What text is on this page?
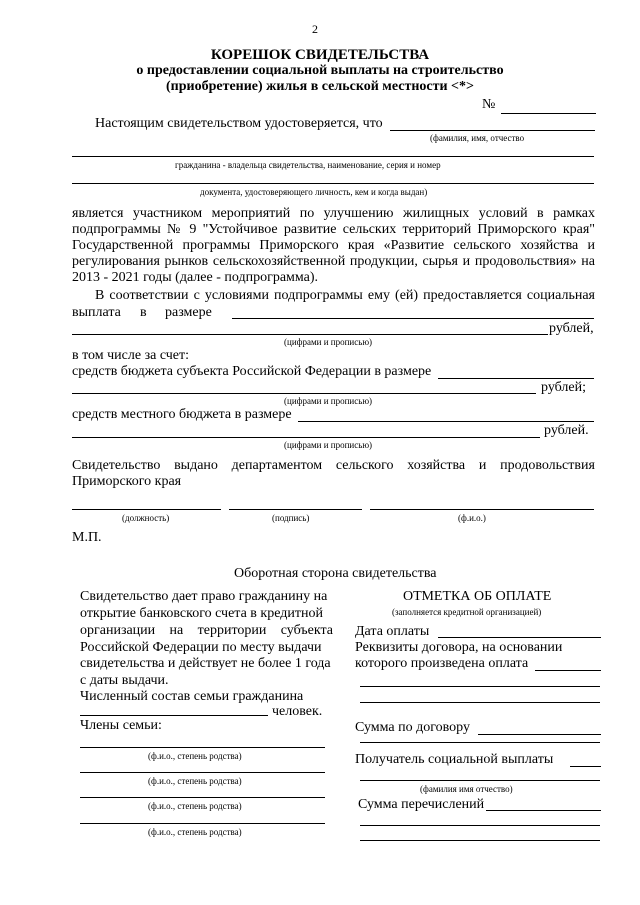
2
КОРЕШОК СВИДЕТЕЛЬСТВА
о предоставлении социальной выплаты на строительство
(приобретение) жилья в сельской местности <*>
№
Настоящим свидетельством удостоверяется, что
(фамилия, имя, отчество
гражданина - владельца свидетельства, наименование, серия и номер
документа, удостоверяющего личность, кем и когда выдан)
является участником мероприятий по улучшению жилищных условий в рамках
подпрограммы № 9 "Устойчивое развитие сельских территорий Приморского края"
Государственной программы Приморского края «Развитие сельского хозяйства и
регулирования рынков сельскохозяйственной продукции, сырья и продовольствия» на
2013 - 2021 годы (далее - подпрограмма).
В соответствии с условиями подпрограммы ему (ей) предоставляется социальная
выплата в размере
рублей,
(цифрами и прописью)
в том числе за счет:
средств бюджета субъекта Российской Федерации в размере
рублей;
(цифрами и прописью)
средств местного бюджета в размере
рублей.
(цифрами и прописью)
Свидетельство выдано департаментом сельского хозяйства и продовольствия
Приморского края
(должность)	(подпись)	(ф.и.о.)
М.П.
Оборотная сторона свидетельства
Свидетельство дает право гражданину на
открытие банковского счета в кредитной
организации на территории субъекта
Российской Федерации по месту выдачи
свидетельства и действует не более 1 года
с даты выдачи.
Численный состав семьи гражданина
человек.
Члены семьи:
(ф.и.о., степень родства)
(ф.и.о., степень родства)
(ф.и.о., степень родства)
(ф.и.о., степень родства)
ОТМЕТКА ОБ ОПЛАТЕ
(заполняется кредитной организацией)
Дата оплаты
Реквизиты договора, на основании
которого произведена оплата
Сумма по договору
Получатель социальной выплаты
(фамилия имя отчество)
Сумма перечислений
